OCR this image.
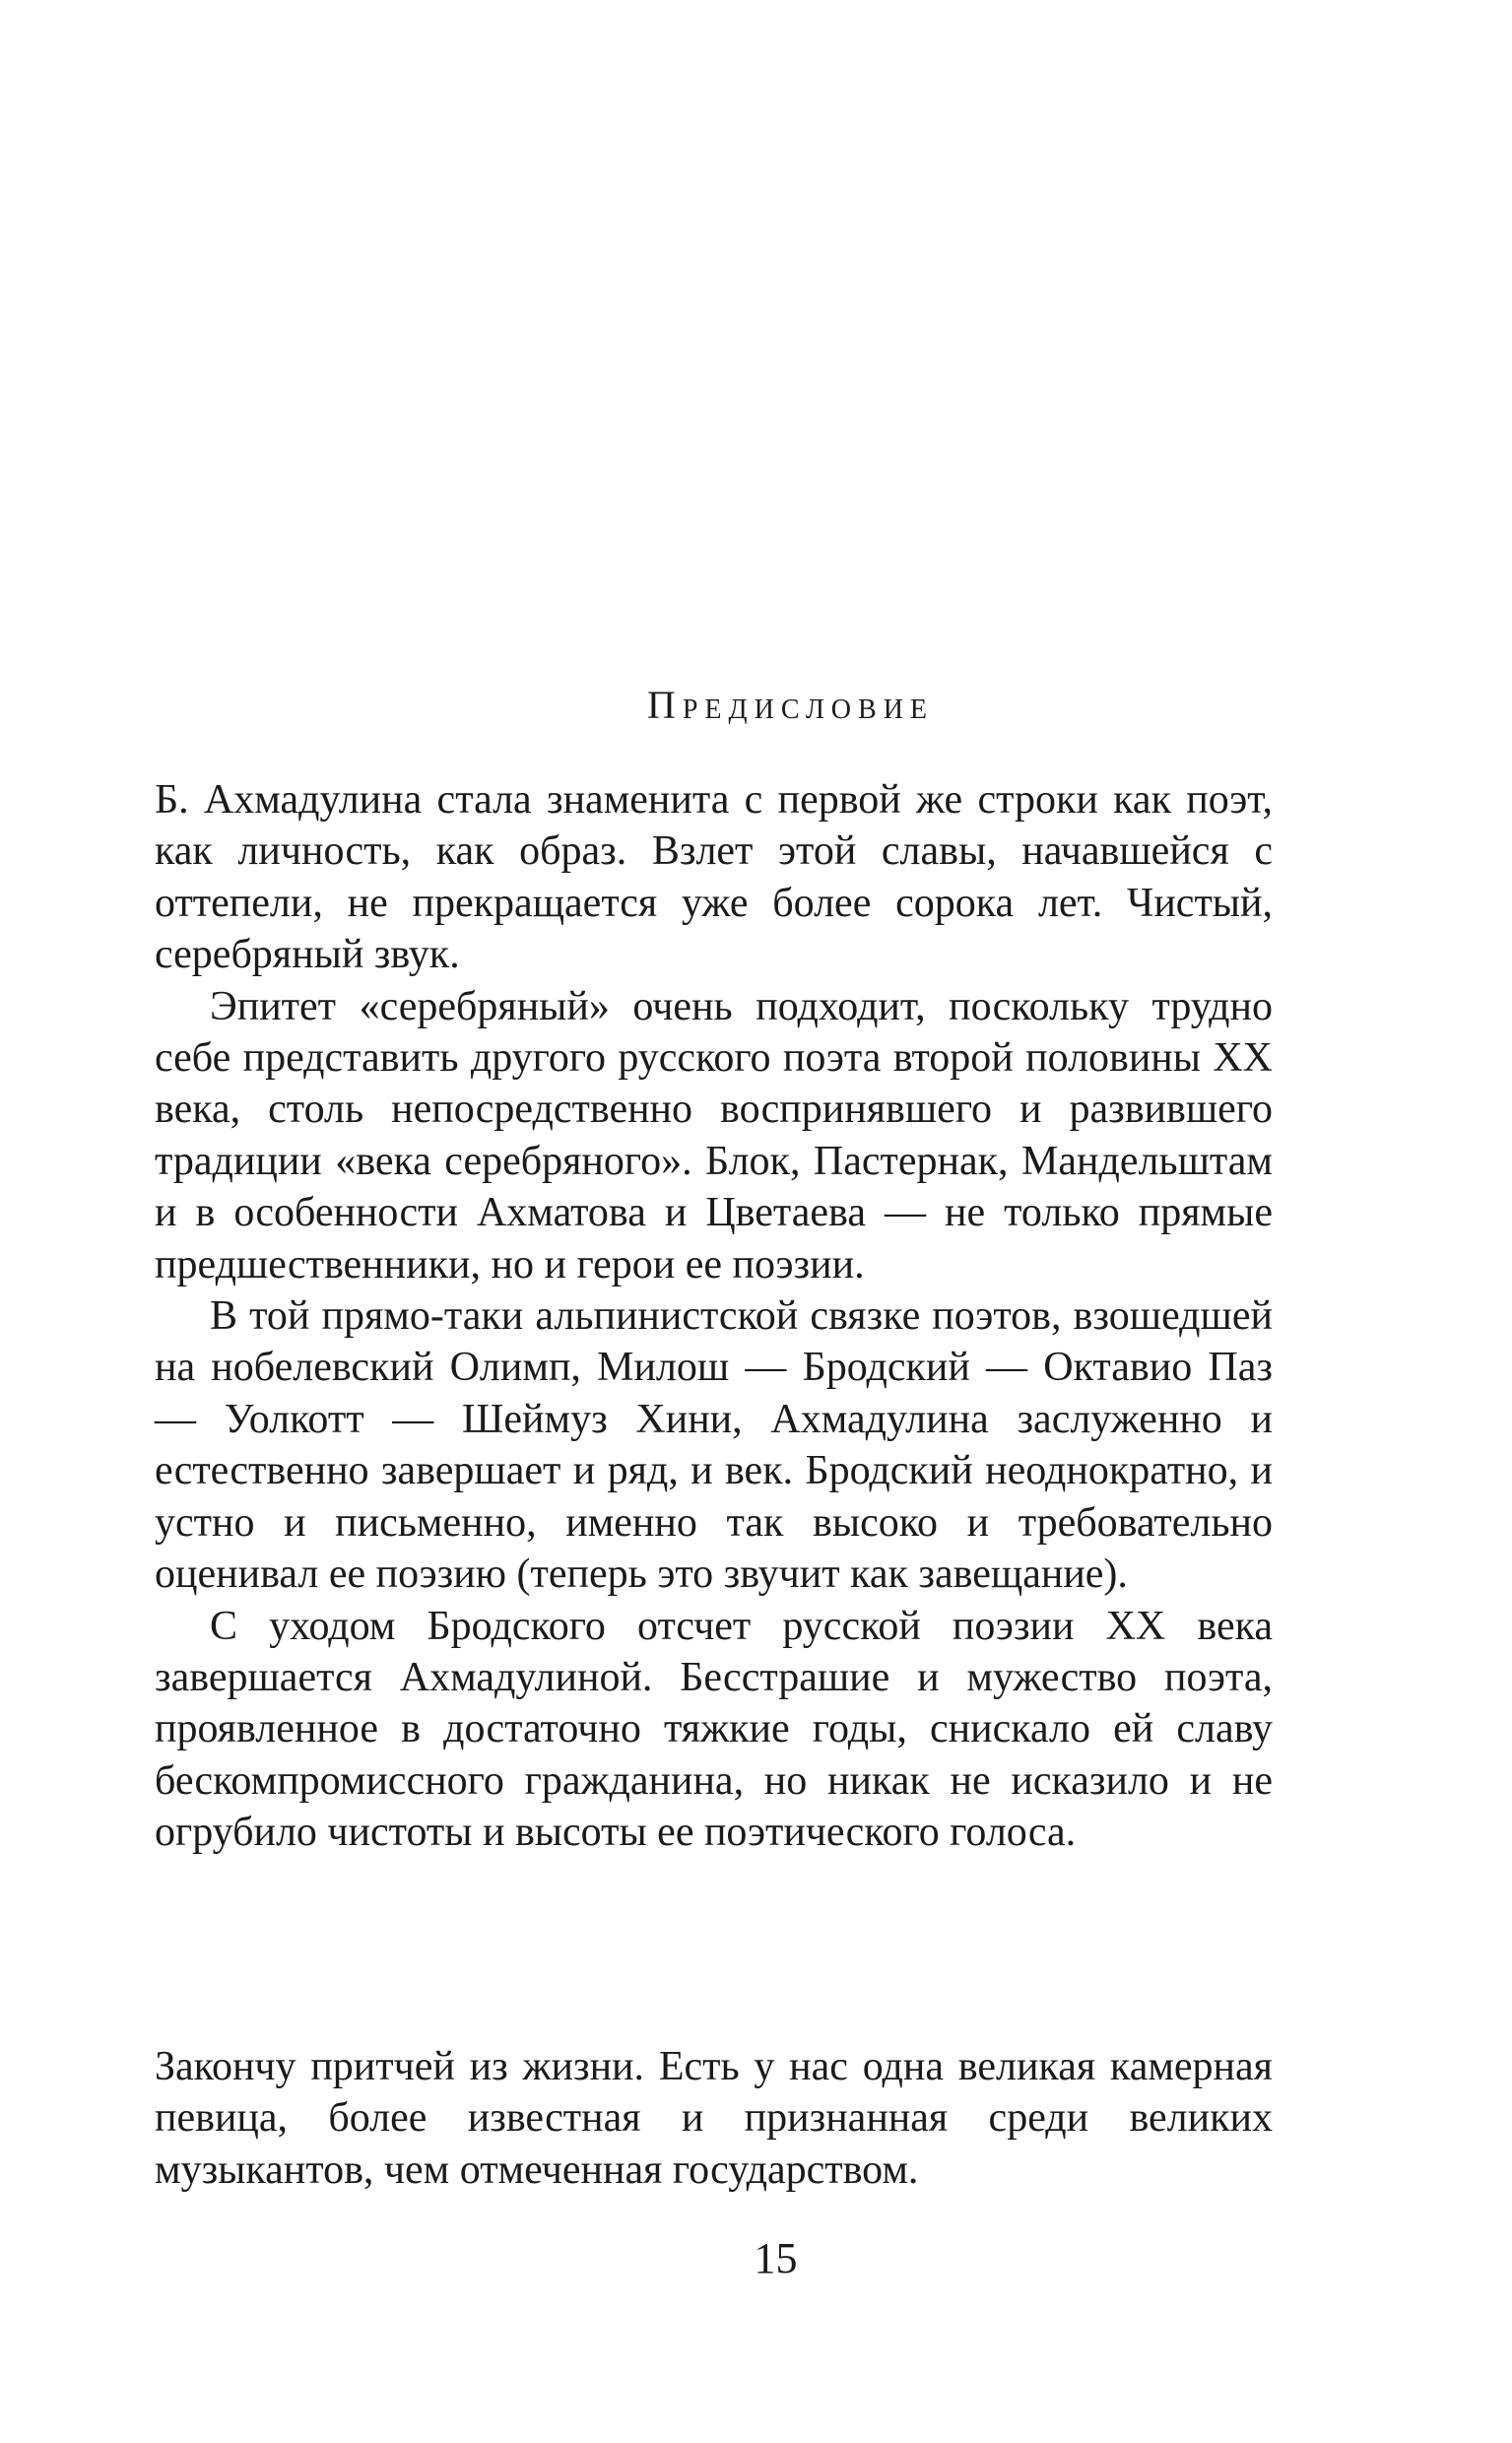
Предисловие

Б. Ахмадулина стала знаменита с первой же строки как поэт, как личность, как образ. Взлет этой славы, начавшейся с оттепели, не прекращается уже более сорока лет. Чистый, серебряный звук.

Эпитет «серебряный» очень подходит, поскольку трудно себе представить другого русского поэта второй половины XX века, столь непосредственно воспринявшего и развившего традиции «века серебряного». Блок, Пастернак, Мандельштам и в особенности Ахматова и Цветаева — не только прямые предшественники, но и герои ее поэзии.

В той прямо-таки альпинистской связке поэтов, взошедшей на нобелевский Олимп, Милош — Бродский — Октавио Паз — Уолкотт — Шеймуз Хини, Ахмадулина заслуженно и естественно завершает и ряд, и век. Бродский неоднократно, и устно и письменно, именно так высоко и требовательно оценивал ее поэзию (теперь это звучит как завещание).

С уходом Бродского отсчет русской поэзии XX века завершается Ахмадулиной. Бесстрашие и мужество поэта, проявленное в достаточно тяжкие годы, снискало ей славу бескомпромиссного гражданина, но никак не исказило и не огрубило чистоты и высоты ее поэтического голоса.

Закончу притчей из жизни. Есть у нас одна великая камерная певица, более известная и признанная среди великих музыкантов, чем отмеченная государством.

15
